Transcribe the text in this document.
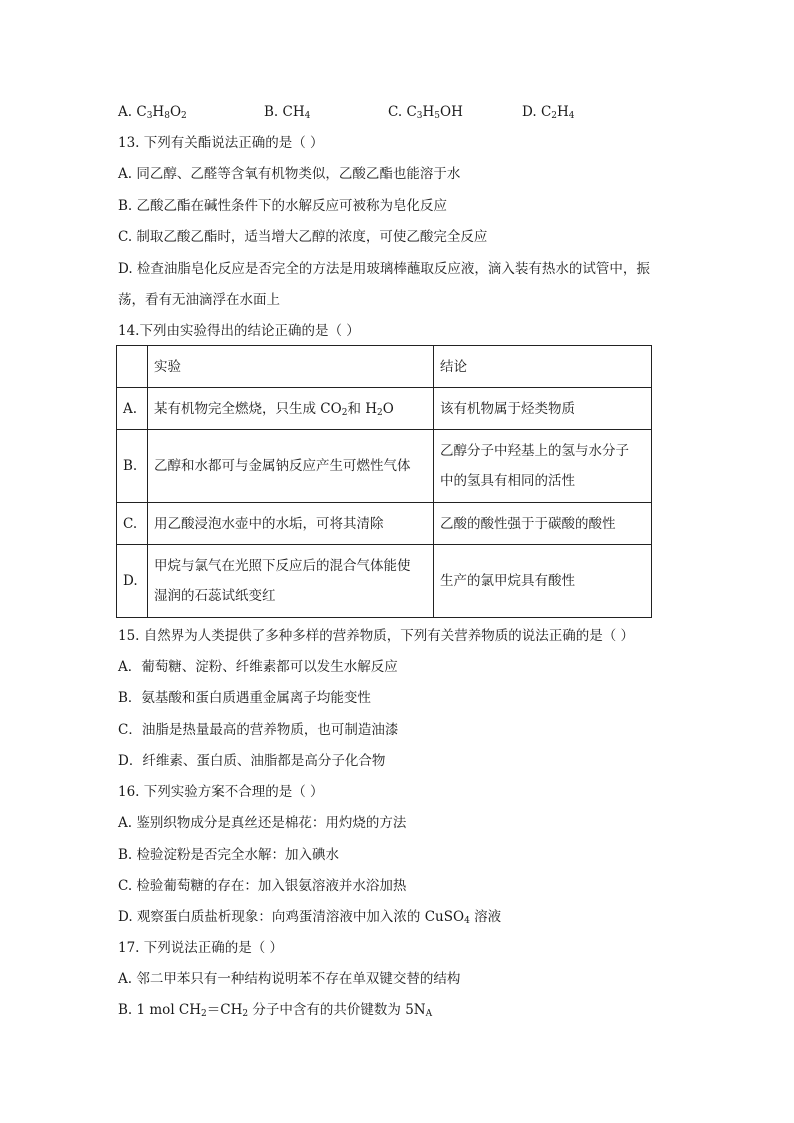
A. $C_3H_8O_2$	B. $CH_4$	C. $C_3H_5OH$	D. $C_2H_4$
13. 下列有关酯说法正确的是（ ）
A. 同乙醇、乙醛等含氧有机物类似，乙酸乙酯也能溶于水
B. 乙酸乙酯在碱性条件下的水解反应可被称为皂化反应
C. 制取乙酸乙酯时，适当增大乙醇的浓度，可使乙酸完全反应
D. 检查油脂皂化反应是否完全的方法是用玻璃棒蘸取反应液，滴入装有热水的试管中，振
荡，看有无油滴浮在水面上
14.下列由实验得出的结论正确的是（ ）
	实验	结论
A.	某有机物完全燃烧，只生成 $CO_2$和 $H_2O$	该有机物属于烃类物质
B.	乙醇和水都可与金属钠反应产生可燃性气体	乙醇分子中羟基上的氢与水分子
中的氢具有相同的活性

C.	用乙酸浸泡水壶中的水垢，可将其清除	乙酸的酸性强于于碳酸的酸性
D.	甲烷与氯气在光照下反应后的混合气体能使
湿润的石蕊试纸变红	生产的氯甲烷具有酸性
15. 自然界为人类提供了多种多样的营养物质，下列有关营养物质的说法正确的是（ ）
A．葡萄糖、淀粉、纤维素都可以发生水解反应
B．氨基酸和蛋白质遇重金属离子均能变性
C．油脂是热量最高的营养物质，也可制造油漆
D．纤维素、蛋白质、油脂都是高分子化合物
16. 下列实验方案不合理的是（ ）
A. 鉴别织物成分是真丝还是棉花：用灼烧的方法
B. 检验淀粉是否完全水解：加入碘水
C. 检验葡萄糖的存在：加入银氨溶液并水浴加热
D. 观察蛋白质盐析现象：向鸡蛋清溶液中加入浓的 CuSO$_4$ 溶液
17. 下列说法正确的是（ ）
A. 邻二甲苯只有一种结构说明苯不存在单双键交替的结构
B. 1 mol $CH_2=CH_2$ 分子中含有的共价键数为 $5N_A$
